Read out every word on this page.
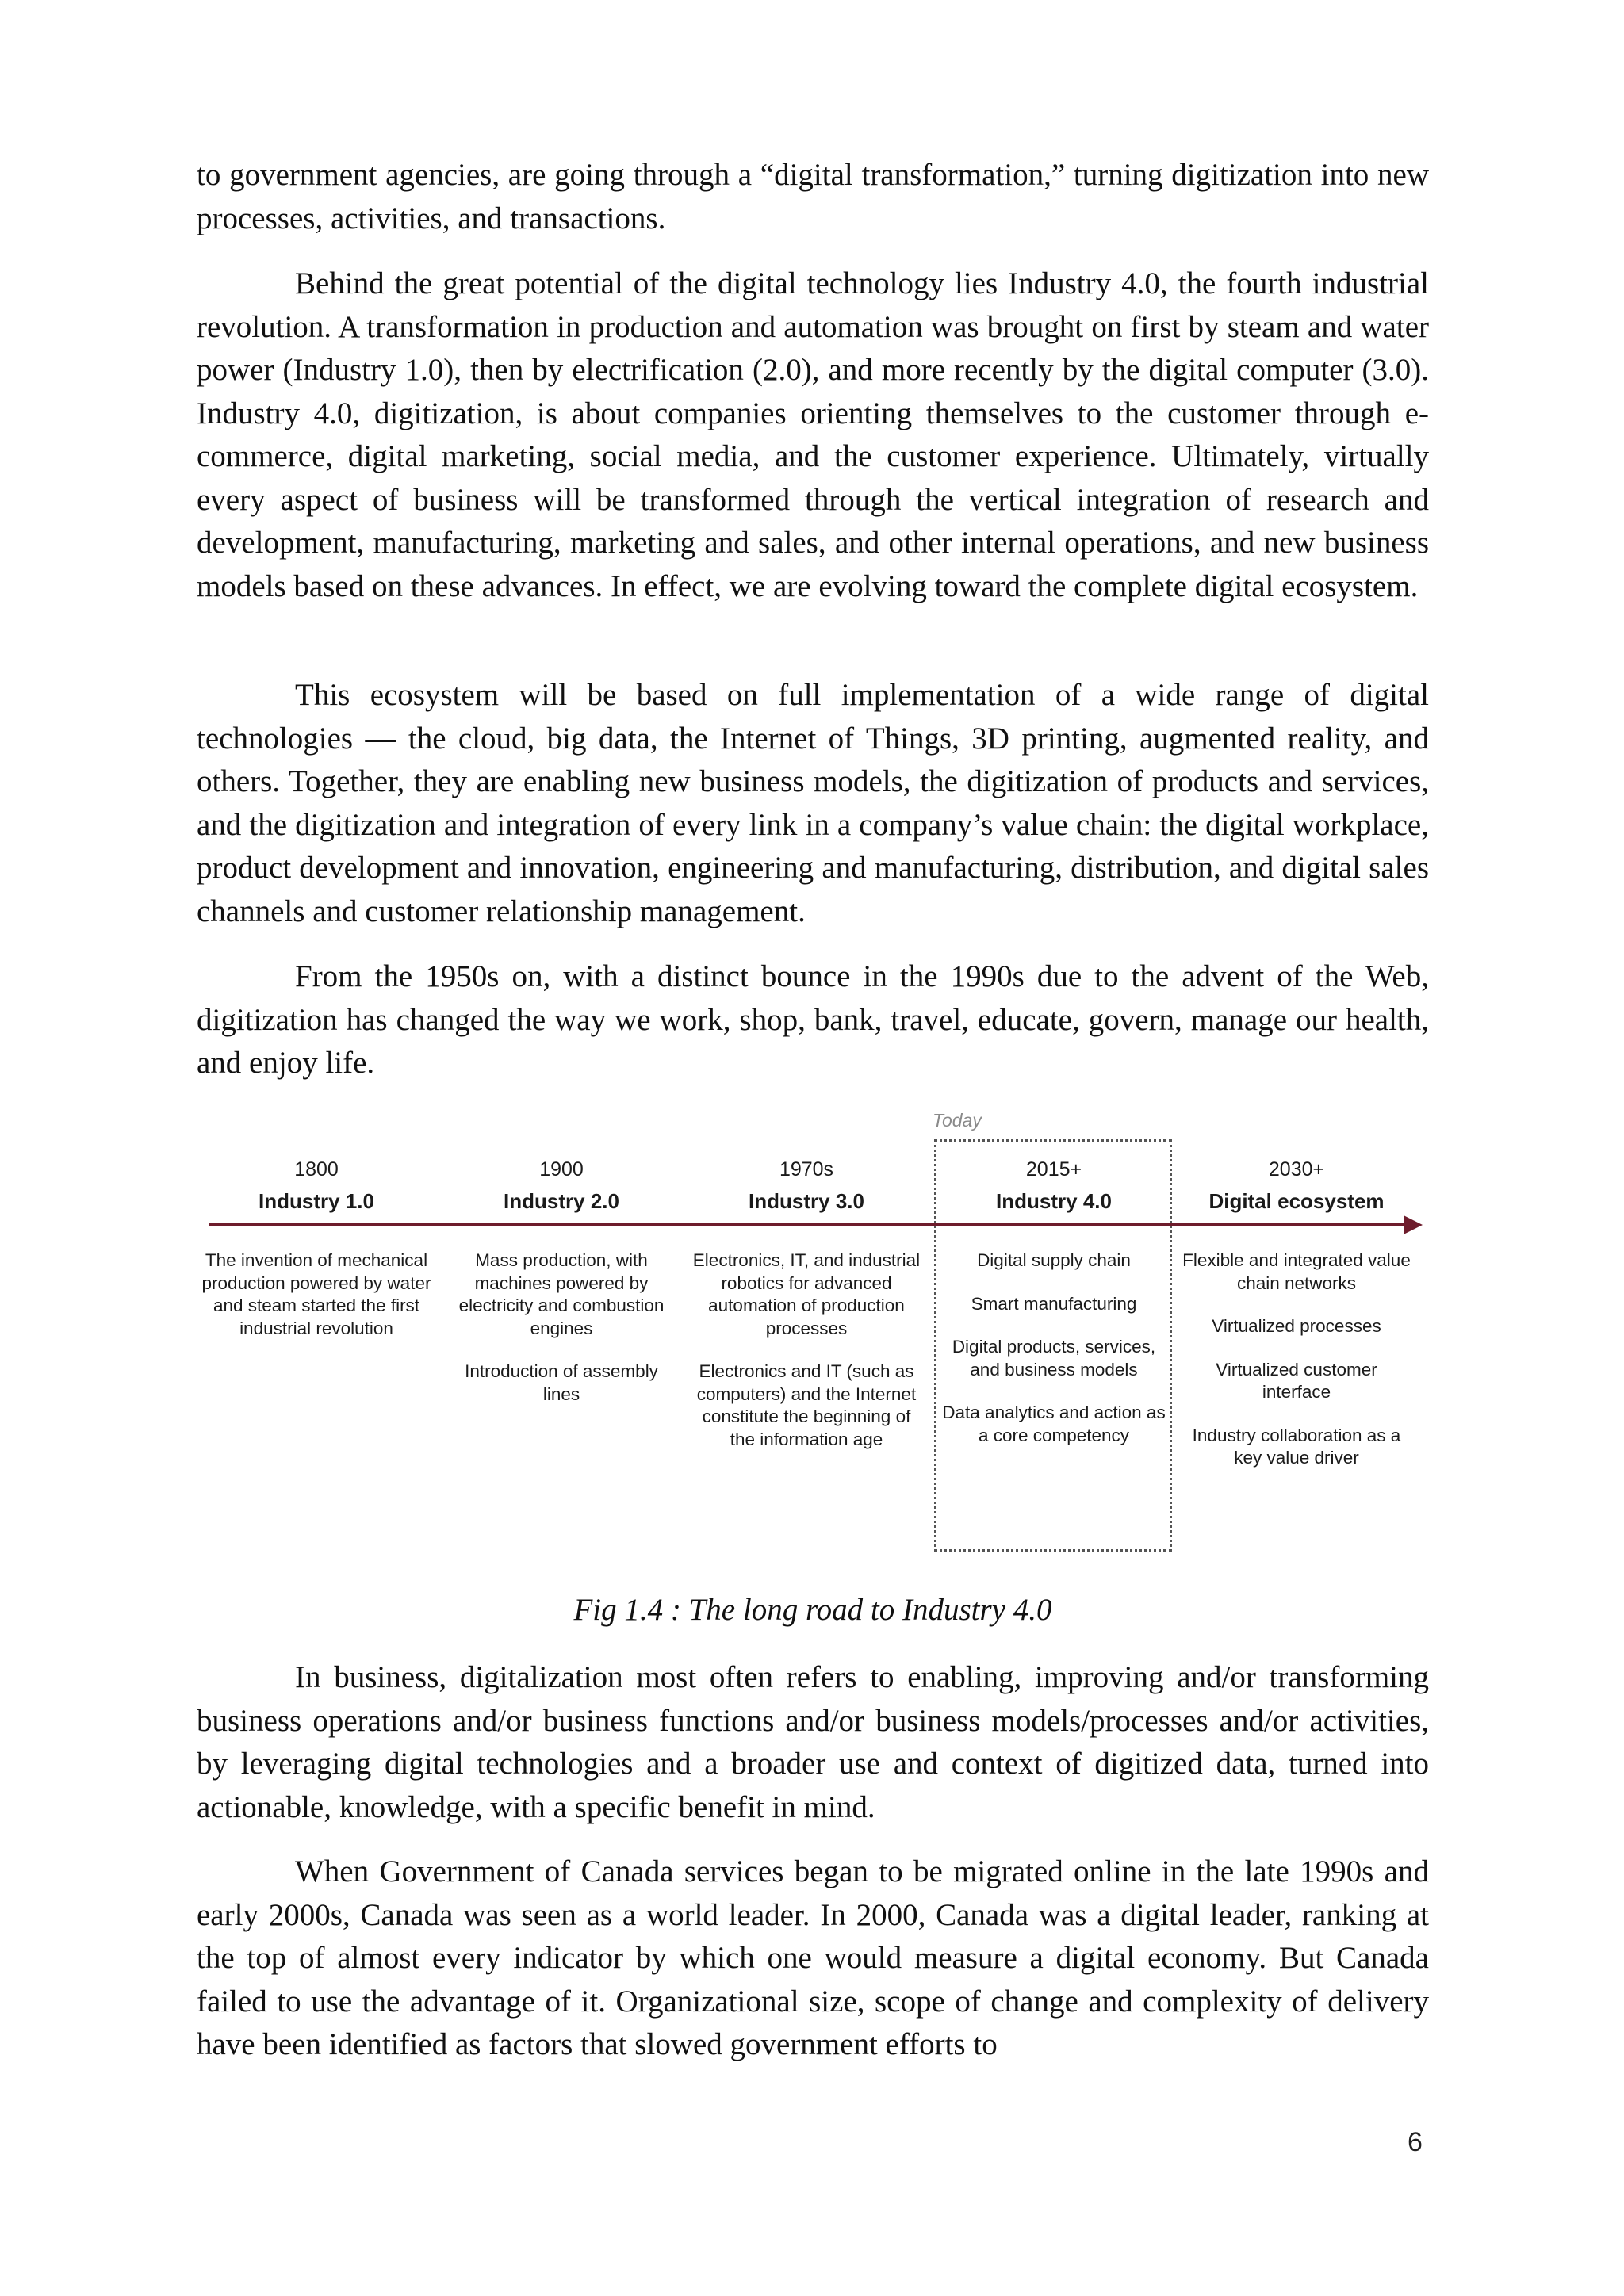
to government agencies, are going through a “digital transformation,” turning digitization into new processes, activities, and transactions.

Behind the great potential of the digital technology lies Industry 4.0, the fourth industrial revolution. A transformation in production and automation was brought on first by steam and water power (Industry 1.0), then by electrification (2.0), and more recently by the digital computer (3.0). Industry 4.0, digitization, is about companies orienting themselves to the customer through e-commerce, digital marketing, social media, and the customer experience. Ultimately, virtually every aspect of business will be transformed through the vertical integration of research and development, manufacturing, marketing and sales, and other internal operations, and new business models based on these advances. In effect, we are evolving toward the complete digital ecosystem.

This ecosystem will be based on full implementation of a wide range of digital technologies — the cloud, big data, the Internet of Things, 3D printing, augmented reality, and others. Together, they are enabling new business models, the digitization of products and services, and the digitization and integration of every link in a company’s value chain: the digital workplace, product development and innovation, engineering and manufacturing, distribution, and digital sales channels and customer relationship management.

From the 1950s on, with a distinct bounce in the 1990s due to the advent of the Web, digitization has changed the way we work, shop, bank, travel, educate, govern, manage our health, and enjoy life.

Today
1800
Industry 1.0

The invention of mechanical production powered by water and steam started the first industrial revolution

1900
Industry 2.0

Mass production, with machines powered by electricity and combustion engines

Introduction of assembly lines

1970s
Industry 3.0

Electronics, IT, and industrial robotics for advanced automation of production processes

Electronics and IT (such as computers) and the Internet constitute the beginning of the information age

2015+
Industry 4.0

Digital supply chain

Smart manufacturing

Digital products, services, and business models

Data analytics and action as a core competency

2030+
Digital ecosystem

Flexible and integrated value chain networks

Virtualized processes

Virtualized customer interface

Industry collaboration as a key value driver

Fig 1.4 : The long road to Industry 4.0

In business, digitalization most often refers to enabling, improving and/or transforming business operations and/or business functions and/or business models/processes and/or activities, by leveraging digital technologies and a broader use and context of digitized data, turned into actionable, knowledge, with a specific benefit in mind.

When Government of Canada services began to be migrated online in the late 1990s and early 2000s, Canada was seen as a world leader. In 2000, Canada was a digital leader, ranking at the top of almost every indicator by which one would measure a digital economy. But Canada failed to use the advantage of it. Organizational size, scope of change and complexity of delivery have been identified as factors that slowed government efforts to

6
